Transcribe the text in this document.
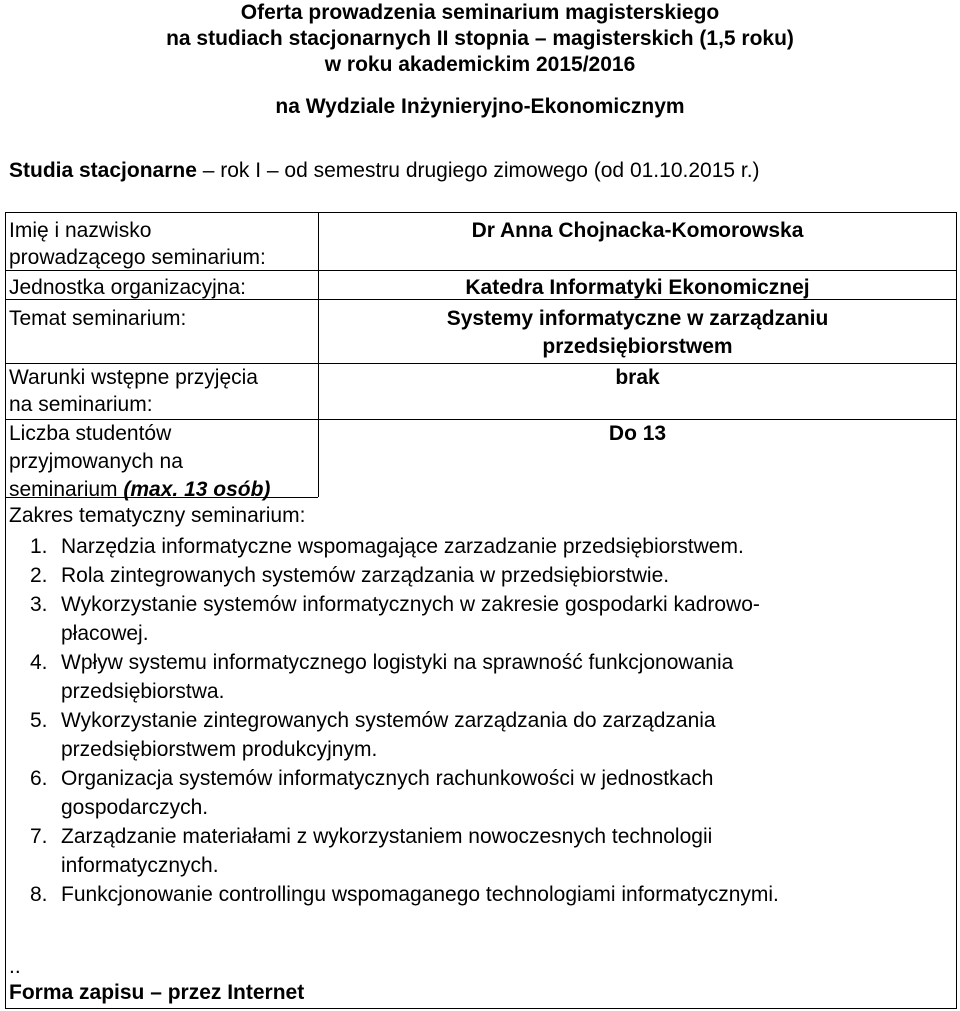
Oferta prowadzenia seminarium magisterskiego
na studiach stacjonarnych II stopnia – magisterskich (1,5 roku)
w roku akademickim 2015/2016
na Wydziale Inżynieryjno-Ekonomicznym
Studia stacjonarne – rok I – od semestru drugiego zimowego (od 01.10.2015 r.)
Imię i nazwisko
prowadzącego seminarium:
Dr Anna Chojnacka-Komorowska
Jednostka organizacyjna:	Katedra Informatyki Ekonomicznej
Temat seminarium:	Systemy informatyczne w zarządzaniu
przedsiębiorstwem
Warunki wstępne przyjęcia
na seminarium:
brak
Liczba studentów
przyjmowanych na
seminarium (max. 13 osób)
Do 13
Zakres tematyczny seminarium:
1. Narzędzia informatyczne wspomagające zarzadzanie przedsiębiorstwem.
2. Rola zintegrowanych systemów zarządzania w przedsiębiorstwie.
3. Wykorzystanie systemów informatycznych w zakresie gospodarki kadrowo-
płacowej.
4. Wpływ systemu informatycznego logistyki na sprawność funkcjonowania
przedsiębiorstwa.
5. Wykorzystanie zintegrowanych systemów zarządzania do zarządzania
przedsiębiorstwem produkcyjnym.
6. Organizacja systemów informatycznych rachunkowości w jednostkach
gospodarczych.
7. Zarządzanie materiałami z wykorzystaniem nowoczesnych technologii
informatycznych.
8. Funkcjonowanie controllingu wspomaganego technologiami informatycznymi.
..
Forma zapisu – przez Internet
